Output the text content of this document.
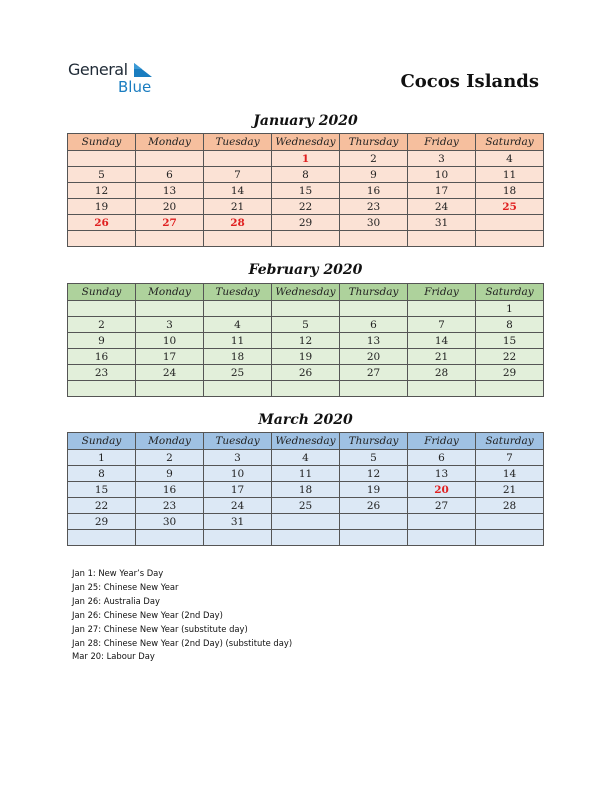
General
Blue	Cocos Islands
January 2020
Sunday	Monday	Tuesday	Wednesday	Thursday	Friday	Saturday
			1	2	3	4
5	6	7	8	9	10	11
12	13	14	15	16	17	18
19	20	21	22	23	24	25
26	27	28	29	30	31	

February 2020
Sunday	Monday	Tuesday	Wednesday	Thursday	Friday	Saturday
						1
2	3	4	5	6	7	8
9	10	11	12	13	14	15
16	17	18	19	20	21	22
23	24	25	26	27	28	29

March 2020
Sunday	Monday	Tuesday	Wednesday	Thursday	Friday	Saturday
1	2	3	4	5	6	7
8	9	10	11	12	13	14
15	16	17	18	19	20	21
22	23	24	25	26	27	28
29	30	31				

Jan 1: New Year’s Day
Jan 25: Chinese New Year
Jan 26: Australia Day
Jan 26: Chinese New Year (2nd Day)
Jan 27: Chinese New Year (substitute day)
Jan 28: Chinese New Year (2nd Day) (substitute day)
Mar 20: Labour Day
